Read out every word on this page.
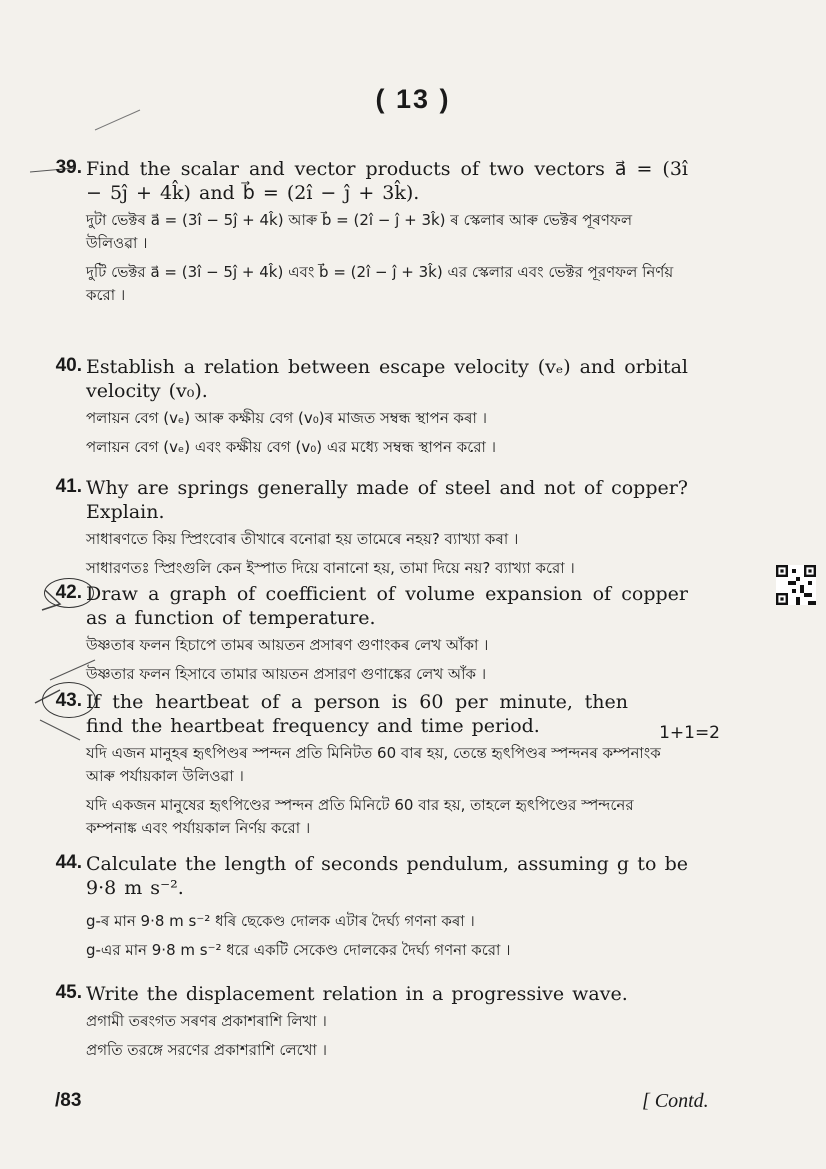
( 13 )
39. Find the scalar and vector products of two vectors a⃗ = (3î − 5ĵ + 4k̂) and b⃗ = (2î − ĵ + 3k̂).

দুটা ভেক্টৰ a⃗ = (3î − 5ĵ + 4k̂) আৰু b⃗ = (2î − ĵ + 3k̂) ৰ স্কেলাৰ আৰু ভেক্টৰ পূৰণফল উলিওৱা ।

দুটি ভেক্টর a⃗ = (3î − 5ĵ + 4k̂) এবং b⃗ = (2î − ĵ + 3k̂) এর স্কেলার এবং ভেক্টর পূরণফল নির্ণয় করো ।

40. Establish a relation between escape velocity (vₑ) and orbital velocity (v₀).

পলায়ন বেগ (vₑ) আৰু কক্ষীয় বেগ (v₀)ৰ মাজত সম্বন্ধ স্থাপন কৰা ।

পলায়ন বেগ (vₑ) এবং কক্ষীয় বেগ (v₀) এর মধ্যে সম্বন্ধ স্থাপন করো ।

41. Why are springs generally made of steel and not of copper? Explain.

সাধাৰণতে কিয় স্প্ৰিংবোৰ তীখাৰে বনোৱা হয় তামেৰে নহয়? ব্যাখ্যা কৰা ।

সাধারণতঃ স্প্রিংগুলি কেন ইস্পাত দিয়ে বানানো হয়, তামা দিয়ে নয়? ব্যাখ্যা করো ।

42. Draw a graph of coefficient of volume expansion of copper as a function of temperature.

উষ্ণতাৰ ফলন হিচাপে তামৰ আয়তন প্ৰসাৰণ গুণাংকৰ লেখ আঁকা ।

উষ্ণতার ফলন হিসাবে তামার আয়তন প্রসারণ গুণাঙ্কের লেখ আঁক ।

43.
1+1=2

If the heartbeat of a person is 60 per minute, then find the heartbeat frequency and time period.

যদি এজন মানুহৰ হৃৎপিণ্ডৰ স্পন্দন প্ৰতি মিনিটত 60 বাৰ হয়, তেন্তে হৃৎপিণ্ডৰ স্পন্দনৰ কম্পনাংক আৰু পৰ্যায়কাল উলিওৱা ।

যদি একজন মানুষের হৃৎপিণ্ডের স্পন্দন প্রতি মিনিটে 60 বার হয়, তাহলে হৃৎপিণ্ডের স্পন্দনের কম্পনাঙ্ক এবং পর্যায়কাল নির্ণয় করো ।

44. Calculate the length of seconds pendulum, assuming g to be 9·8 m s⁻².

g-ৰ মান 9·8 m s⁻² ধৰি ছেকেণ্ড দোলক এটাৰ দৈৰ্ঘ্য গণনা কৰা ।

g-এর মান 9·8 m s⁻² ধরে একটি সেকেণ্ড দোলকের দৈর্ঘ্য গণনা করো ।

45. Write the displacement relation in a progressive wave.

প্ৰগামী তৰংগত সৰণৰ প্ৰকাশৰাশি লিখা ।

প্রগতি তরঙ্গে সরণের প্রকাশরাশি লেখো ।

/83	[ Contd.
